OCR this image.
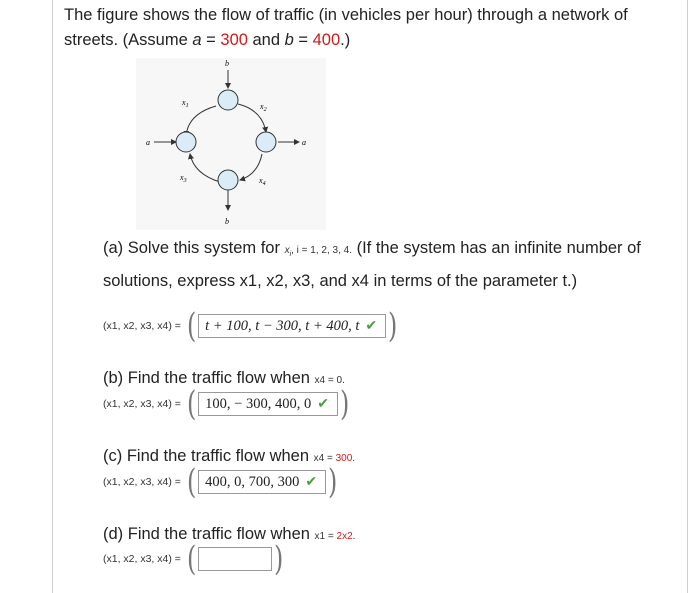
The figure shows the flow of traffic (in vehicles per hour) through a network of streets. (Assume a = 300 and b = 400.)
b
b
a	a
$x_1$	$x_2$
$x_3$	$x_4$
(a) Solve this system for $x_i$, i = 1, 2, 3, 4. (If the system has an infinite number of solutions, express x1, x2, x3, and x4 in terms of the parameter t.)
(x1, x2, x3, x4) = ( t + 100, t − 300, t + 400, t ✔ )
(b) Find the traffic flow when x4 = 0.
(x1, x2, x3, x4) = ( 100, − 300, 400, 0 ✔ )
(c) Find the traffic flow when x4 = 300.
(x1, x2, x3, x4) = ( 400, 0, 700, 300 ✔ )
(d) Find the traffic flow when x1 = 2x2.
(x1, x2, x3, x4) = ( )
